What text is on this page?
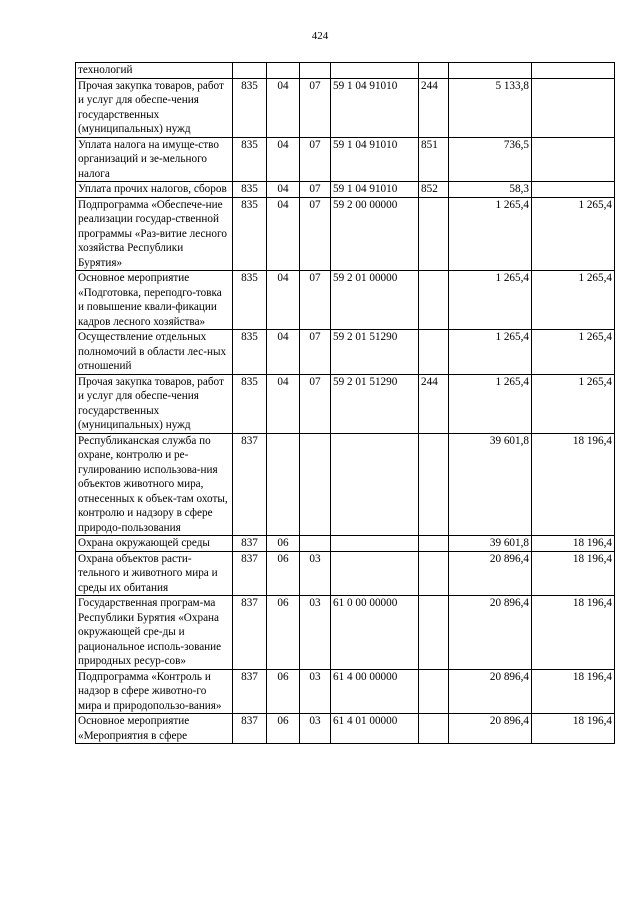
424
технологий							
Прочая закупка товаров, работ и услуг для обеспе-чения государственных (муниципальных) нужд	835	04	07	59 1 04 91010	244	5 133,8	
Уплата налога на имуще-ство организаций и зе-мельного налога	835	04	07	59 1 04 91010	851	736,5	
Уплата прочих налогов, сборов	835	04	07	59 1 04 91010	852	58,3	
Подпрограмма «Обеспече-ние реализации государ-ственной программы «Раз-витие лесного хозяйства Республики Бурятия»	835	04	07	59 2 00 00000		1 265,4	1 265,4
Основное мероприятие «Подготовка, переподго-товка и повышение квали-фикации кадров лесного хозяйства»	835	04	07	59 2 01 00000		1 265,4	1 265,4
Осуществление отдельных полномочий в области лес-ных отношений	835	04	07	59 2 01 51290		1 265,4	1 265,4
Прочая закупка товаров, работ и услуг для обеспе-чения государственных (муниципальных) нужд	835	04	07	59 2 01 51290	244	1 265,4	1 265,4
Республиканская служба по охране, контролю и ре-гулированию использова-ния объектов животного мира, отнесенных к объек-там охоты, контролю и надзору в сфере природо-пользования	837					39 601,8	18 196,4
Охрана окружающей среды	837	06				39 601,8	18 196,4
Охрана объектов расти-тельного и животного мира и среды их обитания	837	06	03			20 896,4	18 196,4
Государственная програм-ма Республики Бурятия «Охрана окружающей сре-ды и рациональное исполь-зование природных ресур-сов»	837	06	03	61 0 00 00000		20 896,4	18 196,4
Подпрограмма «Контроль и надзор в сфере животно-го мира и природопользо-вания»	837	06	03	61 4 00 00000		20 896,4	18 196,4
Основное мероприятие «Мероприятия в сфере	837	06	03	61 4 01 00000		20 896,4	18 196,4
